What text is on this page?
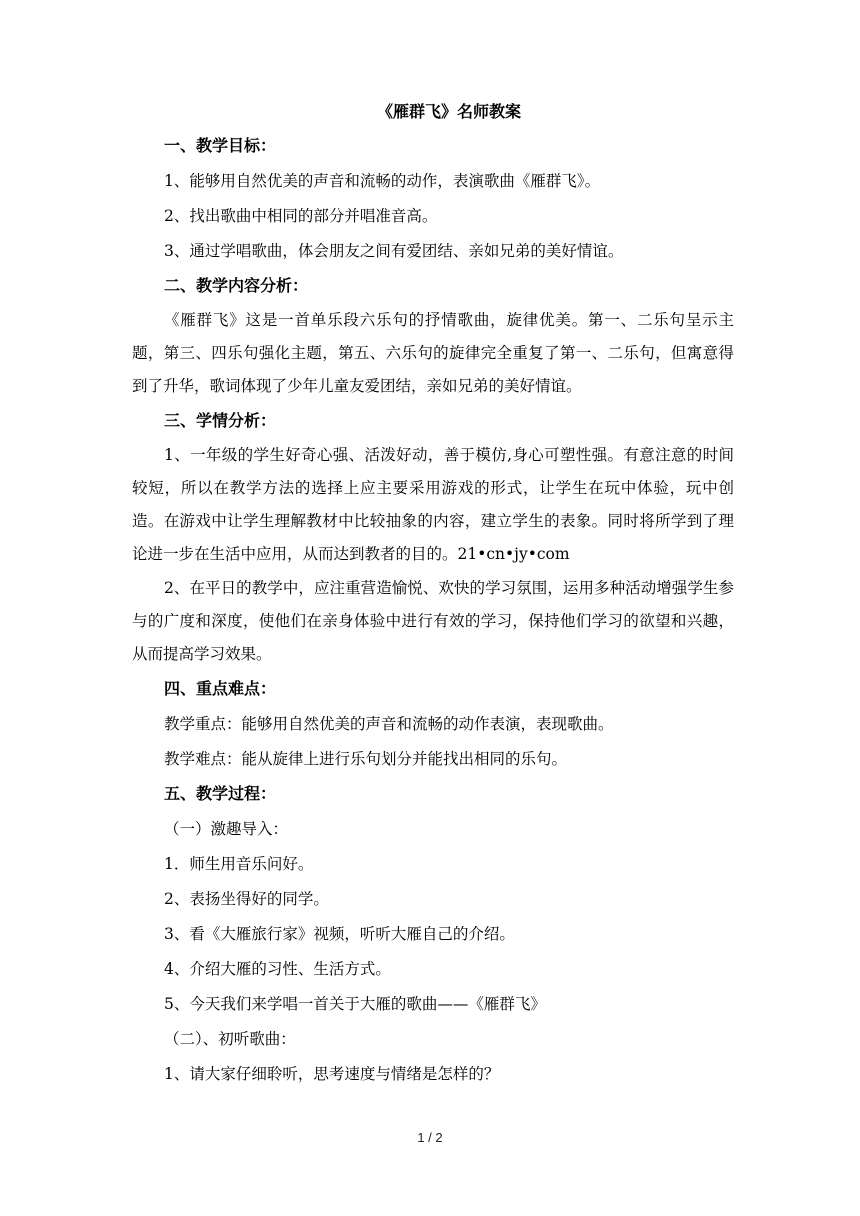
《雁群飞》名师教案
一、教学目标：
1、能够用自然优美的声音和流畅的动作，表演歌曲《雁群飞》。
2、找出歌曲中相同的部分并唱准音高。
3、通过学唱歌曲，体会朋友之间有爱团结、亲如兄弟的美好情谊。
二、教学内容分析：
《雁群飞》这是一首单乐段六乐句的抒情歌曲，旋律优美。第一、二乐句呈示主题，第三、四乐句强化主题，第五、六乐句的旋律完全重复了第一、二乐句，但寓意得到了升华，歌词体现了少年儿童友爱团结，亲如兄弟的美好情谊。
三、学情分析：
1、一年级的学生好奇心强、活泼好动，善于模仿,身心可塑性强。有意注意的时间较短，所以在教学方法的选择上应主要采用游戏的形式，让学生在玩中体验，玩中创造。在游戏中让学生理解教材中比较抽象的内容，建立学生的表象。同时将所学到了理论进一步在生活中应用，从而达到教者的目的。21•cn•jy•com
2、在平日的教学中，应注重营造愉悦、欢快的学习氛围，运用多种活动增强学生参与的广度和深度，使他们在亲身体验中进行有效的学习，保持他们学习的欲望和兴趣，从而提高学习效果。
四、重点难点：
教学重点：能够用自然优美的声音和流畅的动作表演，表现歌曲。
教学难点：能从旋律上进行乐句划分并能找出相同的乐句。
五、教学过程：
（一）激趣导入：
1．师生用音乐问好。
2、表扬坐得好的同学。
3、看《大雁旅行家》视频，听听大雁自己的介绍。
4、介绍大雁的习性、生活方式。
5、今天我们来学唱一首关于大雁的歌曲——《雁群飞》
（二）、初听歌曲：
1、请大家仔细聆听，思考速度与情绪是怎样的？
1 / 2
